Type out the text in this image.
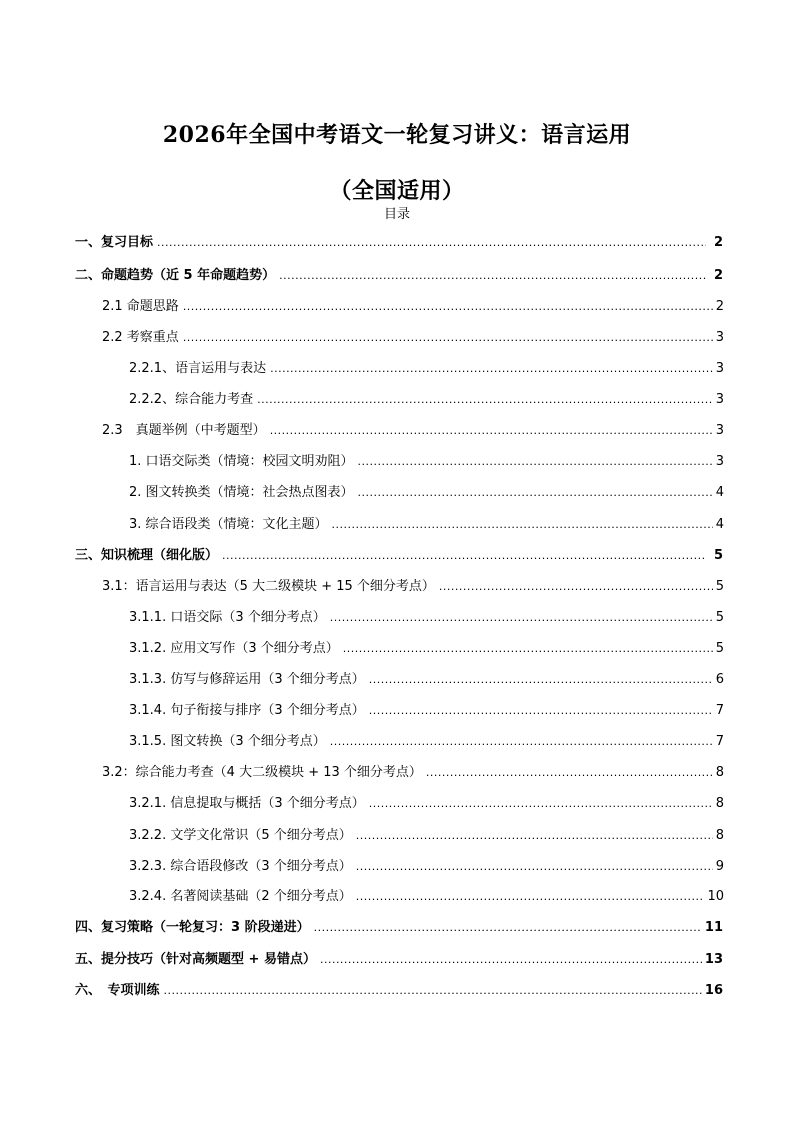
2026年全国中考语文一轮复习讲义：语言运用
（全国适用）
目录
一、复习目标 .....	2
二、命题趋势（近 5 年命题趋势） .....	2
2.1 命题思路 .....	2
2.2 考察重点 .....	3
2.2.1、语言运用与表达 .....	3
2.2.2、综合能力考查 .....	3
2.3　真题举例（中考题型） .....	3
1. 口语交际类（情境：校园文明劝阻） .....	3
2. 图文转换类（情境：社会热点图表） .....	4
3. 综合语段类（情境：文化主题） .....	4
三、知识梳理（细化版） .....	5
3.1：语言运用与表达（5 大二级模块 + 15 个细分考点） .....	5
3.1.1. 口语交际（3 个细分考点） .....	5
3.1.2. 应用文写作（3 个细分考点） .....	5
3.1.3. 仿写与修辞运用（3 个细分考点） .....	6
3.1.4. 句子衔接与排序（3 个细分考点） .....	7
3.1.5. 图文转换（3 个细分考点） .....	7
3.2：综合能力考查（4 大二级模块 + 13 个细分考点） .....	8
3.2.1. 信息提取与概括（3 个细分考点） .....	8
3.2.2. 文学文化常识（5 个细分考点） .....	8
3.2.3. 综合语段修改（3 个细分考点） .....	9
3.2.4. 名著阅读基础（2 个细分考点） .....	10
四、复习策略（一轮复习：3 阶段递进） .....	11
五、提分技巧（针对高频题型 + 易错点） .....	13
六、　专项训练 .....	16
